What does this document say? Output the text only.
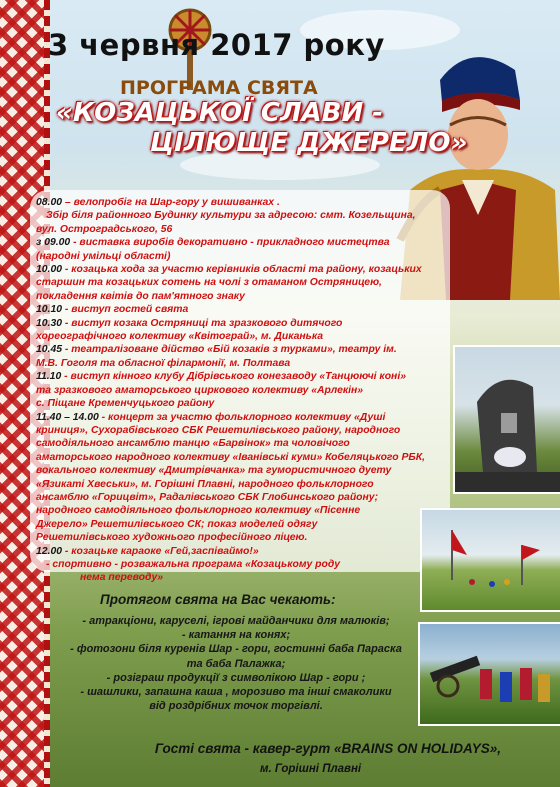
3 червня 2017 року
ПРОГРАМА СВЯТА
«КОЗАЦЬКОЇ СЛАВИ -
ЦІЛЮЩЕ ДЖЕРЕЛО»
08.00 – велопробіг на Шар-гору у вишиванках .
Збір біля районного Будинку культури за адресою: смт. Козельщина,
вул. Остроградського, 56
з 09.00 - виставка виробів декоративно - прикладного мистецтва
(народні умільці області)
10.00 - козацька хода за участю керівників області та району, козацьких
старшин та козацьких сотень на чолі з отаманом Остряницею,
покладення квітів до пам'ятного знаку
10.10 - виступ гостей свята
10.30 - виступ козака Остряниці та зразкового дитячого
хореографічного колективу «Квітограй», м. Диканька
10.45 - театралізоване дійство «Бій козаків з турками», театру ім.
М.В. Гоголя та обласної філармонії, м. Полтава
11.10 - виступ кінного клубу Дібрівського конезаводу «Танцюючі коні»
та зразкового аматорського циркового колективу «Арлекін»
с. Піщане Кременчуцького району
11.40 – 14.00 - концерт за участю фольклорного колективу «Душі
криниця», Сухорабівського СБК Решетилівського району, народного
самодіяльного ансамблю танцю «Барвінок» та чоловічого
аматорського народного колективу «Іванівські куми» Кобеляцького РБК,
вокального колективу «Дмитрівчанка» та гумористичного дуету
«Язикаті Хвеськи», м. Горішні Плавні, народного фольклорного
ансамблю «Горицвіт», Радалівського СБК Глобинського району;
народного самодіяльного фольклорного колективу «Пісенне
Джерело» Решетилівського СК; показ моделей одягу
Решетилівського художнього професійного ліцею.
12.00 - козацьке караоке «Гей,заспіваймо!»
- спортивно - розважальна програма «Козацькому роду
нема переводу»
Протягом свята на Вас чекають:
- атракціони, каруселі, ігрові майданчики для малюків;
- катання на конях;
- фотозони біля куренів Шар - гори, гостинні баба Параска
та баба Палажка;
- розіграш продукції з символікою Шар - гори ;
- шашлики, запашна каша , морозиво та інші смаколики
від роздрібних точок торгівлі.
Гості свята - кавер-гурт «BRAINS ON HOLIDAYS»,
м. Горішні Плавні
